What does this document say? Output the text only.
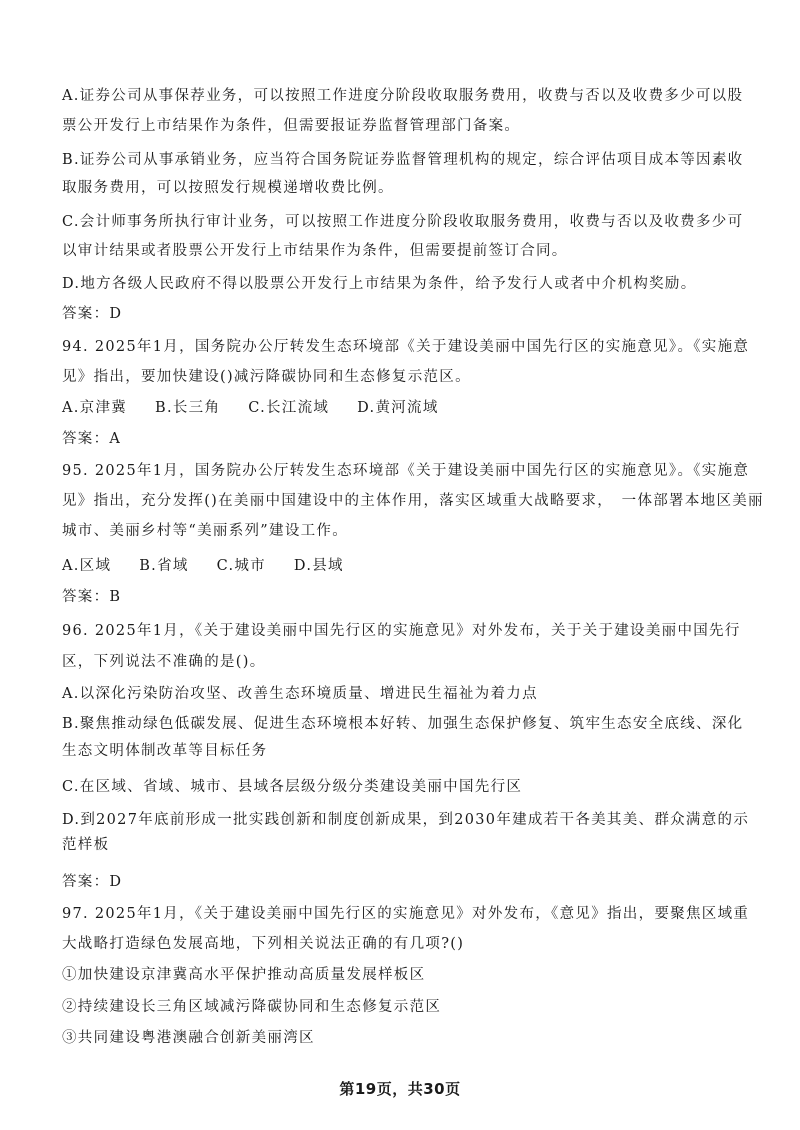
A.证券公司从事保荐业务，可以按照工作进度分阶段收取服务费用，收费与否以及收费多少可以股
票公开发行上市结果作为条件，但需要报证券监督管理部门备案。
B.证券公司从事承销业务，应当符合国务院证券监督管理机构的规定，综合评估项目成本等因素收
取服务费用，可以按照发行规模递增收费比例。
C.会计师事务所执行审计业务，可以按照工作进度分阶段收取服务费用，收费与否以及收费多少可
以审计结果或者股票公开发行上市结果作为条件，但需要提前签订合同。
D.地方各级人民政府不得以股票公开发行上市结果为条件，给予发行人或者中介机构奖励。
答案：D
94. 2025年1月，国务院办公厅转发生态环境部《关于建设美丽中国先行区的实施意见》。《实施意
见》指出，要加快建设()减污降碳协同和生态修复示范区。
A.京津冀 B.长三角 C.长江流域 D.黄河流域
答案：A
95. 2025年1月，国务院办公厅转发生态环境部《关于建设美丽中国先行区的实施意见》。《实施意
见》指出，充分发挥()在美丽中国建设中的主体作用，落实区域重大战略要求，　一体部署本地区美丽
城市、美丽乡村等“美丽系列”建设工作。
A.区域 B.省域 C.城市 D.县域
答案：B
96. 2025年1月，《关于建设美丽中国先行区的实施意见》对外发布，关于关于建设美丽中国先行
区，下列说法不准确的是()。
A.以深化污染防治攻坚、改善生态环境质量、增进民生福祉为着力点
B.聚焦推动绿色低碳发展、促进生态环境根本好转、加强生态保护修复、筑牢生态安全底线、深化
生态文明体制改革等目标任务
C.在区域、省域、城市、县域各层级分级分类建设美丽中国先行区
D.到2027年底前形成一批实践创新和制度创新成果，到2030年建成若干各美其美、群众满意的示
范样板
答案：D
97. 2025年1月，《关于建设美丽中国先行区的实施意见》对外发布，《意见》指出，要聚焦区域重
大战略打造绿色发展高地，下列相关说法正确的有几项?()
①加快建设京津冀高水平保护推动高质量发展样板区
②持续建设长三角区域减污降碳协同和生态修复示范区
③共同建设粤港澳融合创新美丽湾区
第19页，共30页
